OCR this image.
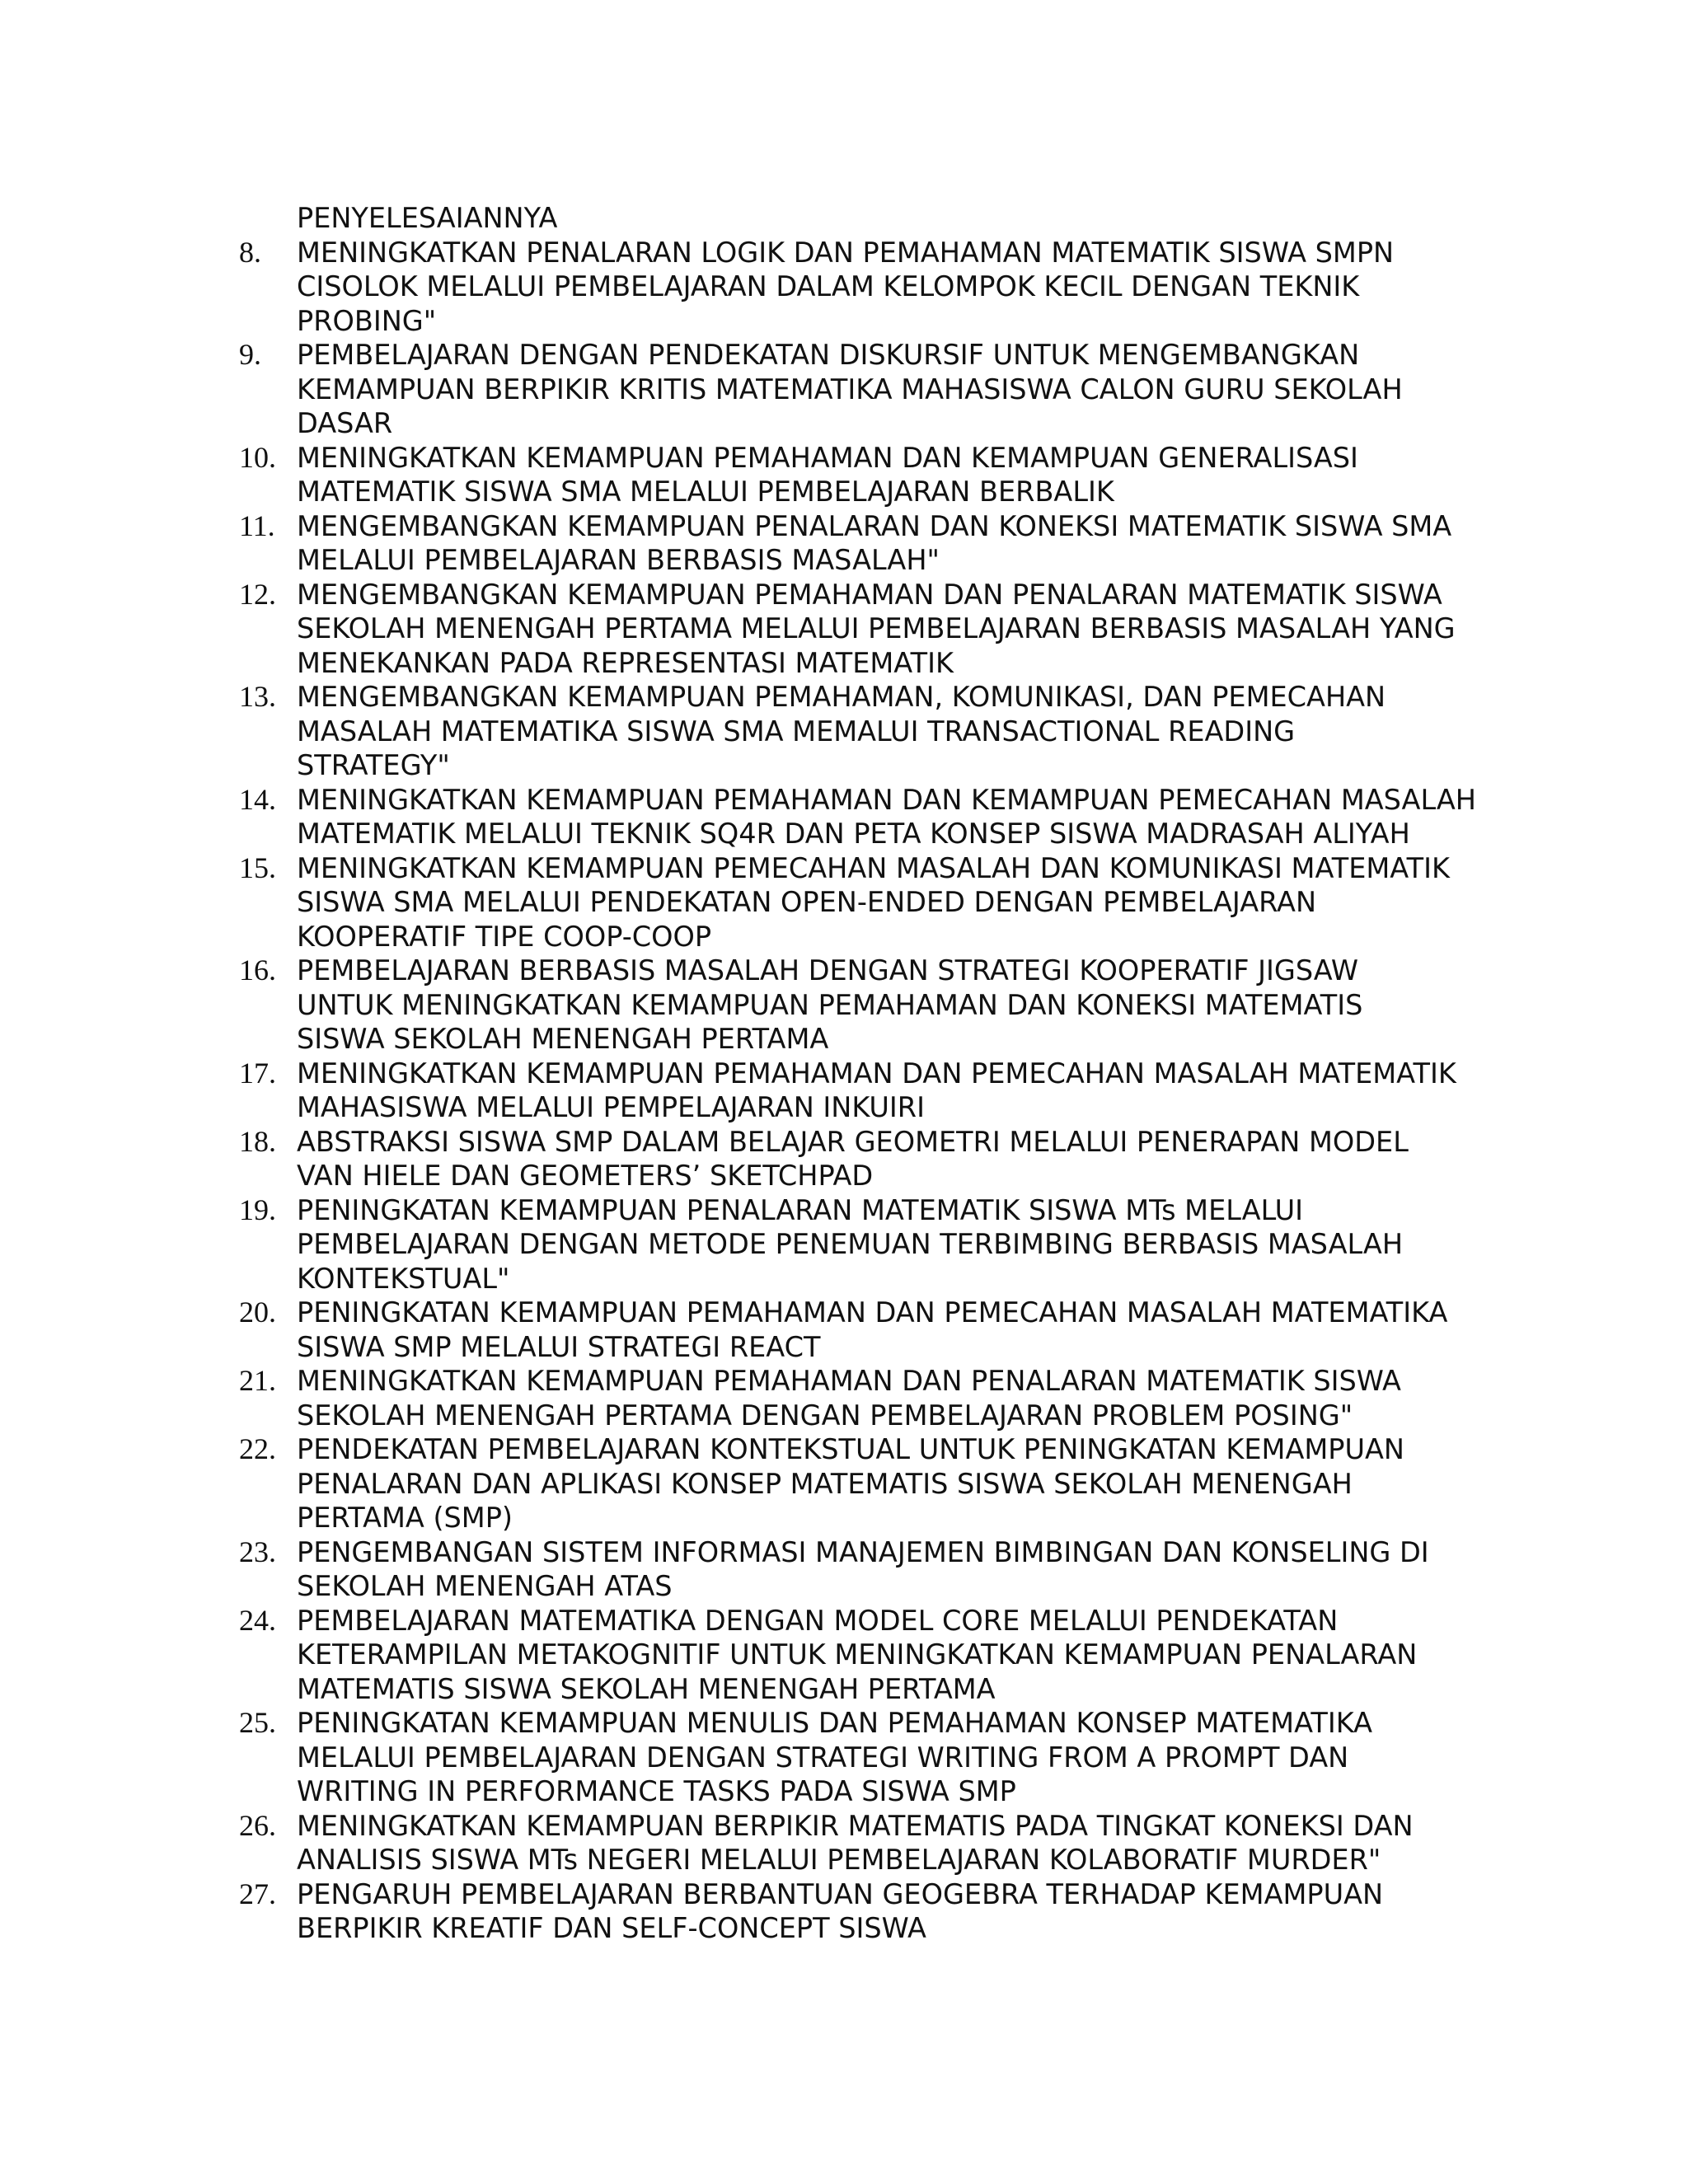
PENYELESAIANNYA
8.	MENINGKATKAN PENALARAN LOGIK DAN PEMAHAMAN MATEMATIK SISWA SMPN
CISOLOK MELALUI PEMBELAJARAN DALAM KELOMPOK KECIL DENGAN TEKNIK
PROBING"
9.	PEMBELAJARAN DENGAN PENDEKATAN DISKURSIF UNTUK MENGEMBANGKAN
KEMAMPUAN BERPIKIR KRITIS MATEMATIKA MAHASISWA CALON GURU SEKOLAH
DASAR
10. MENINGKATKAN KEMAMPUAN PEMAHAMAN DAN KEMAMPUAN GENERALISASI
MATEMATIK SISWA SMA MELALUI PEMBELAJARAN BERBALIK
11. MENGEMBANGKAN KEMAMPUAN PENALARAN DAN KONEKSI MATEMATIK SISWA SMA
MELALUI PEMBELAJARAN BERBASIS MASALAH"
12. MENGEMBANGKAN KEMAMPUAN PEMAHAMAN DAN PENALARAN MATEMATIK SISWA
SEKOLAH MENENGAH PERTAMA MELALUI PEMBELAJARAN BERBASIS MASALAH YANG
MENEKANKAN PADA REPRESENTASI MATEMATIK
13. MENGEMBANGKAN KEMAMPUAN PEMAHAMAN, KOMUNIKASI, DAN PEMECAHAN
MASALAH MATEMATIKA SISWA SMA MEMALUI TRANSACTIONAL READING
STRATEGY"
14. MENINGKATKAN KEMAMPUAN PEMAHAMAN DAN KEMAMPUAN PEMECAHAN MASALAH
MATEMATIK MELALUI TEKNIK SQ4R DAN PETA KONSEP SISWA MADRASAH ALIYAH
15. MENINGKATKAN KEMAMPUAN PEMECAHAN MASALAH DAN KOMUNIKASI MATEMATIK
SISWA SMA MELALUI PENDEKATAN OPEN-ENDED DENGAN PEMBELAJARAN
KOOPERATIF TIPE COOP-COOP
16. PEMBELAJARAN BERBASIS MASALAH DENGAN STRATEGI KOOPERATIF JIGSAW
UNTUK MENINGKATKAN KEMAMPUAN PEMAHAMAN DAN KONEKSI MATEMATIS
SISWA SEKOLAH MENENGAH PERTAMA
17. MENINGKATKAN KEMAMPUAN PEMAHAMAN DAN PEMECAHAN MASALAH MATEMATIK
MAHASISWA MELALUI PEMPELAJARAN INKUIRI
18. ABSTRAKSI SISWA SMP DALAM BELAJAR GEOMETRI MELALUI PENERAPAN MODEL
VAN HIELE DAN GEOMETERS’ SKETCHPAD
19. PENINGKATAN KEMAMPUAN PENALARAN MATEMATIK SISWA MTs MELALUI
PEMBELAJARAN DENGAN METODE PENEMUAN TERBIMBING BERBASIS MASALAH
KONTEKSTUAL"
20. PENINGKATAN KEMAMPUAN PEMAHAMAN DAN PEMECAHAN MASALAH MATEMATIKA
SISWA SMP MELALUI STRATEGI REACT
21. MENINGKATKAN KEMAMPUAN PEMAHAMAN DAN PENALARAN MATEMATIK SISWA
SEKOLAH MENENGAH PERTAMA DENGAN PEMBELAJARAN PROBLEM POSING"
22. PENDEKATAN PEMBELAJARAN KONTEKSTUAL UNTUK PENINGKATAN KEMAMPUAN
PENALARAN DAN APLIKASI KONSEP MATEMATIS SISWA SEKOLAH MENENGAH
PERTAMA (SMP)
23. PENGEMBANGAN SISTEM INFORMASI MANAJEMEN BIMBINGAN DAN KONSELING DI
SEKOLAH MENENGAH ATAS
24. PEMBELAJARAN MATEMATIKA DENGAN MODEL CORE MELALUI PENDEKATAN
KETERAMPILAN METAKOGNITIF UNTUK MENINGKATKAN KEMAMPUAN PENALARAN
MATEMATIS SISWA SEKOLAH MENENGAH PERTAMA
25. PENINGKATAN KEMAMPUAN MENULIS DAN PEMAHAMAN KONSEP MATEMATIKA
MELALUI PEMBELAJARAN DENGAN STRATEGI WRITING FROM A PROMPT DAN
WRITING IN PERFORMANCE TASKS PADA SISWA SMP
26. MENINGKATKAN KEMAMPUAN BERPIKIR MATEMATIS PADA TINGKAT KONEKSI DAN
ANALISIS SISWA MTs NEGERI MELALUI PEMBELAJARAN KOLABORATIF MURDER"
27. PENGARUH PEMBELAJARAN BERBANTUAN GEOGEBRA TERHADAP KEMAMPUAN
BERPIKIR KREATIF DAN SELF-CONCEPT SISWA
